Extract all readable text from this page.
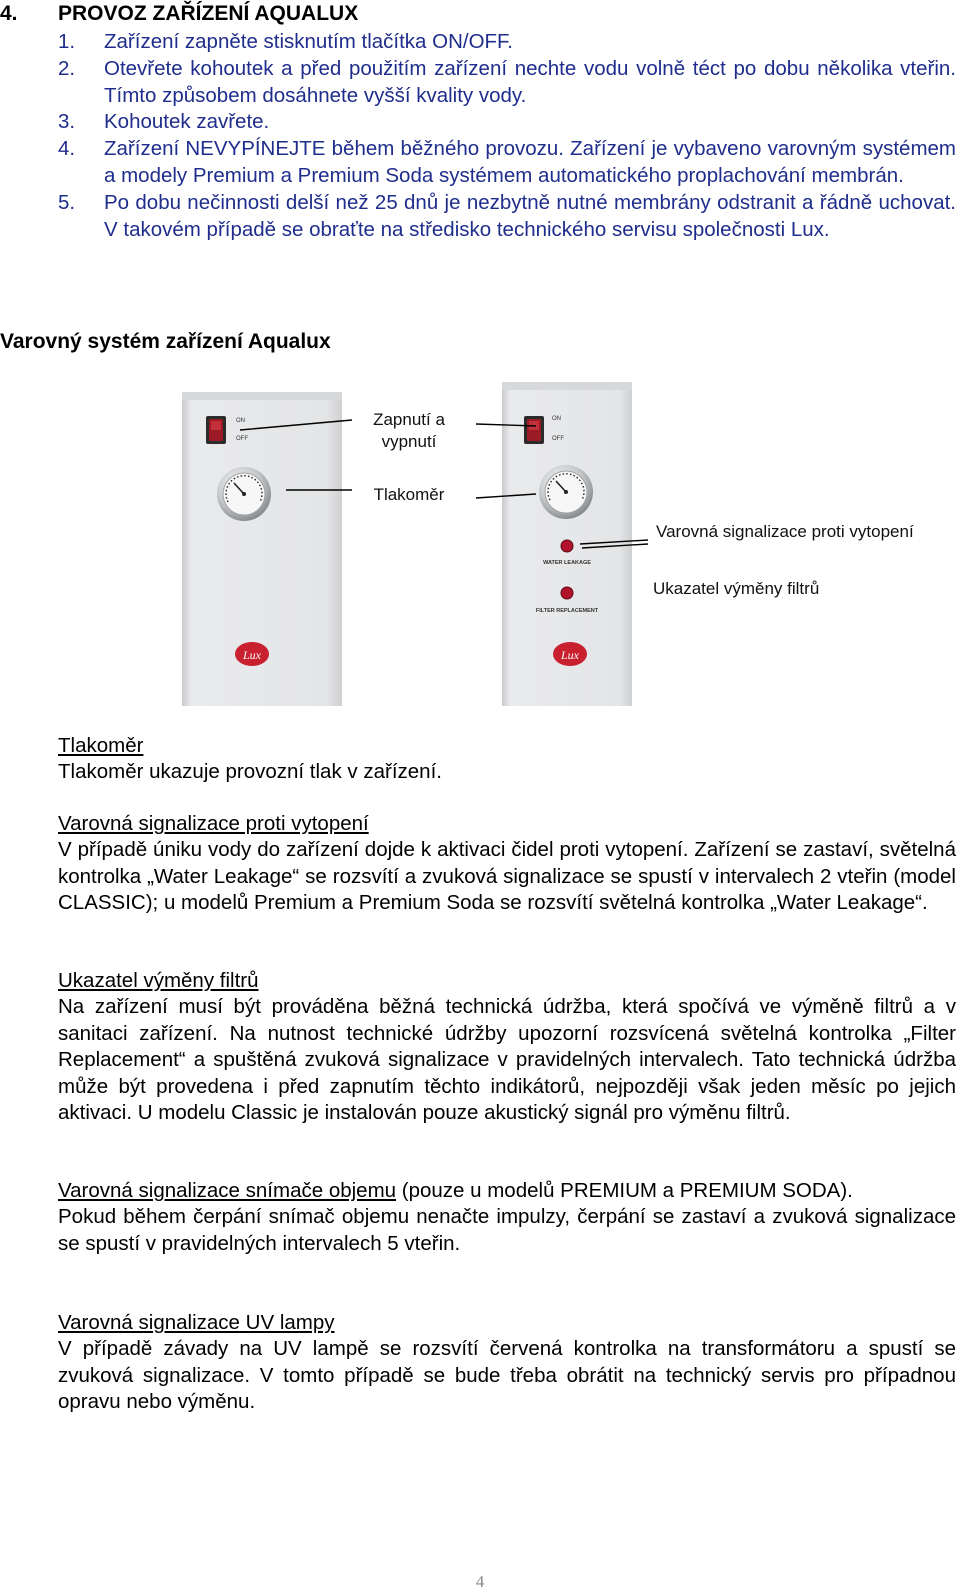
4. PROVOZ ZAŘÍZENÍ AQUALUX
1. Zařízení zapněte stisknutím tlačítka ON/OFF.
2. Otevřete kohoutek a před použitím zařízení nechte vodu volně téct po dobu několika vteřin. Tímto způsobem dosáhnete vyšší kvality vody.
3. Kohoutek zavřete.
4. Zařízení NEVYPÍNEJTE během běžného provozu. Zařízení je vybaveno varovným systémem a modely Premium a Premium Soda systémem automatického proplachování membrán.
5. Po dobu nečinnosti delší než 25 dnů je nezbytně nutné membrány odstranit a řádně uchovat. V takovém případě se obraťte na středisko technického servisu společnosti Lux.
Varovný systém zařízení Aqualux
ON
OFF
Lux
ON
OFF
WATER LEAKAGE
FILTER REPLACEMENT
Lux
Zapnutí a
vypnutí
Tlakoměr
Varovná signalizace proti vytopení
Ukazatel výměny filtrů

Tlakoměr

Tlakoměr ukazuje provozní tlak v zařízení.

Varovná signalizace proti vytopení

V případě úniku vody do zařízení dojde k aktivaci čidel proti vytopení. Zařízení se zastaví, světelná kontrolka „Water Leakage“ se rozsvítí a zvuková signalizace se spustí v intervalech 2 vteřin (model CLASSIC); u modelů Premium a Premium Soda se rozsvítí světelná kontrolka „Water Leakage“.

Ukazatel výměny filtrů

Na zařízení musí být prováděna běžná technická údržba, která spočívá ve výměně filtrů a v sanitaci zařízení. Na nutnost technické údržby upozorní rozsvícená světelná kontrolka „Filter Replacement“ a spuštěná zvuková signalizace v pravidelných intervalech. Tato technická údržba může být provedena i před zapnutím těchto indikátorů, nejpozději však jeden měsíc po jejich aktivaci. U modelu Classic je instalován pouze akustický signál pro výměnu filtrů.

Varovná signalizace snímače objemu (pouze u modelů PREMIUM a PREMIUM SODA).

Pokud během čerpání snímač objemu nenačte impulzy, čerpání se zastaví a zvuková signalizace se spustí v pravidelných intervalech 5 vteřin.

Varovná signalizace UV lampy

V případě závady na UV lampě se rozsvítí červená kontrolka na transformátoru a spustí se zvuková signalizace. V tomto případě se bude třeba obrátit na technický servis pro případnou opravu nebo výměnu.

4
